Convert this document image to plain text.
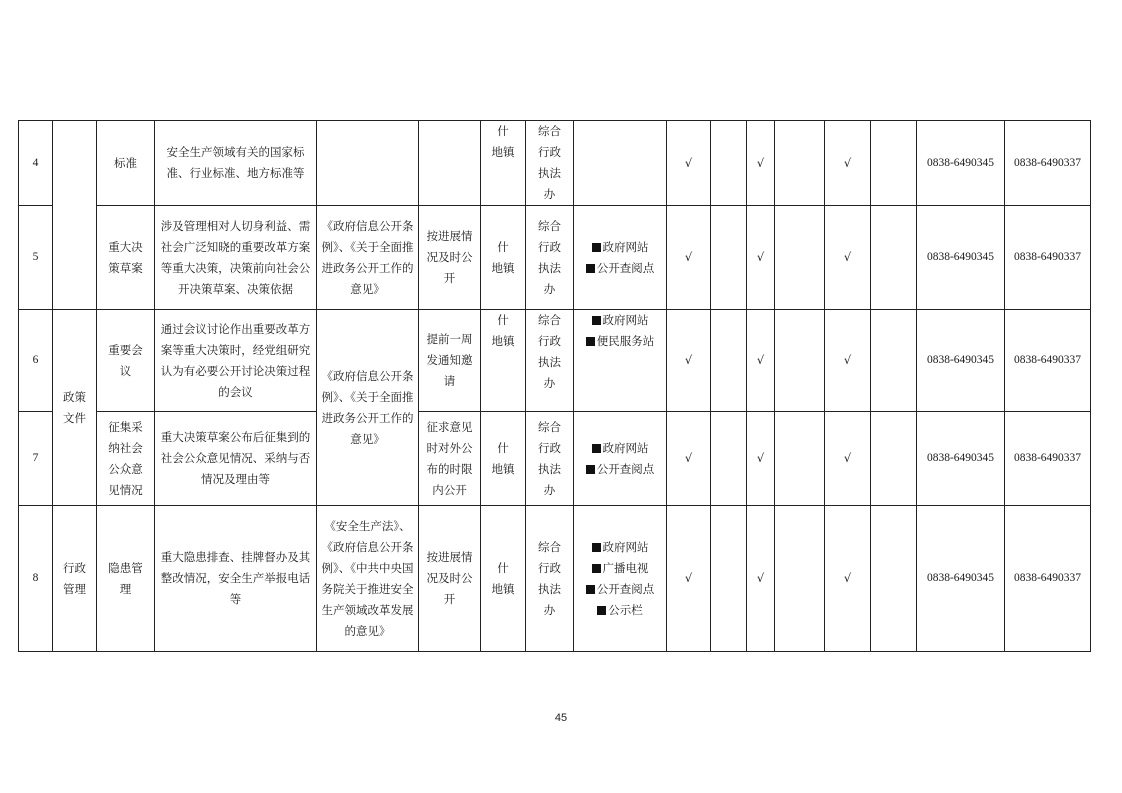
4		标准	安全生产领域有关的国家标准、行业标准、地方标准等			什
地镇	综合
行政
执法
办		√		√		√		0838-6490345	0838-6490337
5		重大决
策草案	涉及管理相对人切身利益、需社会广泛知晓的重要改革方案等重大决策，决策前向社会公开决策草案、决策依据	《政府信息公开条例》、《关于全面推进政务公开工作的意见》	按进展情
况及时公
开	什
地镇	综合
行政
执法
办	政府网站
公开查阅点	√		√		√		0838-6490345	0838-6490337
6	政策
文件	重要会
议	通过会议讨论作出重要改革方案等重大决策时，经党组研究认为有必要公开讨论决策过程的会议	《政府信息公开条例》、《关于全面推进政务公开工作的意见》	提前一周
发通知邀
请	什
地镇	综合
行政
执法
办	政府网站
便民服务站	√		√		√		0838-6490345	0838-6490337
7		征集采
纳社会
公众意
见情况	重大决策草案公布后征集到的社会公众意见情况、采纳与否情况及理由等		征求意见
时对外公
布的时限
内公开	什
地镇	综合
行政
执法
办	政府网站
公开查阅点	√		√		√		0838-6490345	0838-6490337
8	行政
管理	隐患管
理	重大隐患排查、挂牌督办及其整改情况，安全生产举报电话等	《安全生产法》、《政府信息公开条例》、《中共中央国务院关于推进安全生产领域改革发展的意见》	按进展情
况及时公
开	什
地镇	综合
行政
执法
办	政府网站
广播电视
公开查阅点
公示栏	√		√		√		0838-6490345	0838-6490337
45
